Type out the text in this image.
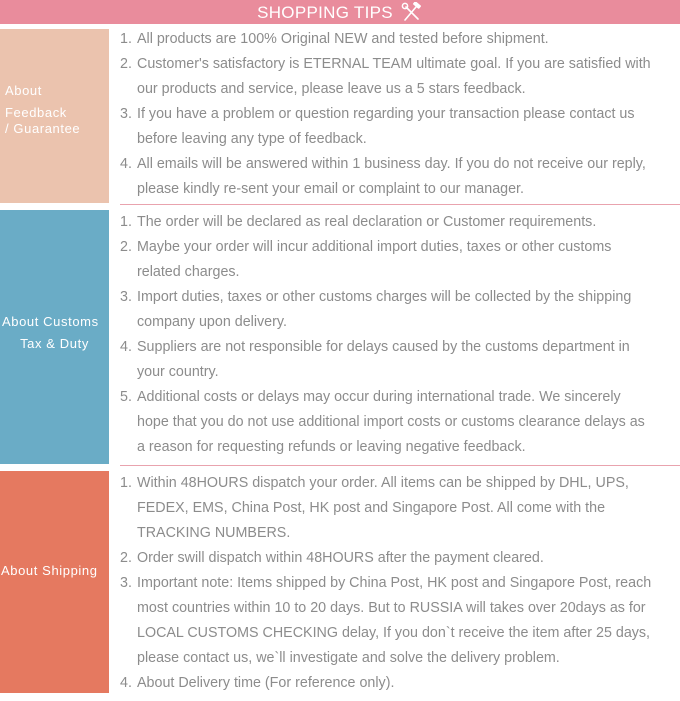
SHOPPING TIPS
About
Feedback
/ Guarantee
1. All products are 100% Original NEW and tested before shipment.
2. Customer's satisfactory is ETERNAL TEAM ultimate goal. If you are satisfied with
our products and service, please leave us a 5 stars feedback.
3. If you have a problem or question regarding your transaction please contact us
before leaving any type of feedback.
4. All emails will be answered within 1 business day. If you do not receive our reply,
please kindly re-sent your email or complaint to our manager.
About Customs
Tax & Duty
1. The order will be declared as real declaration or Customer requirements.
2. Maybe your order will incur additional import duties, taxes or other customs
related charges.
3. Import duties, taxes or other customs charges will be collected by the shipping
company upon delivery.
4. Suppliers are not responsible for delays caused by the customs department in
your country.
5. Additional costs or delays may occur during international trade. We sincerely
hope that you do not use additional import costs or customs clearance delays as
a reason for requesting refunds or leaving negative feedback.
About Shipping
1. Within 48HOURS dispatch your order. All items can be shipped by DHL, UPS,
FEDEX, EMS, China Post, HK post and Singapore Post. All come with the
TRACKING NUMBERS.
2. Order swill dispatch within 48HOURS after the payment cleared.
3. Important note: Items shipped by China Post, HK post and Singapore Post, reach
most countries within 10 to 20 days. But to RUSSIA will takes over 20days as for
LOCAL CUSTOMS CHECKING delay, If you don`t receive the item after 25 days,
please contact us, we`ll investigate and solve the delivery problem.
4. About Delivery time (For reference only).
